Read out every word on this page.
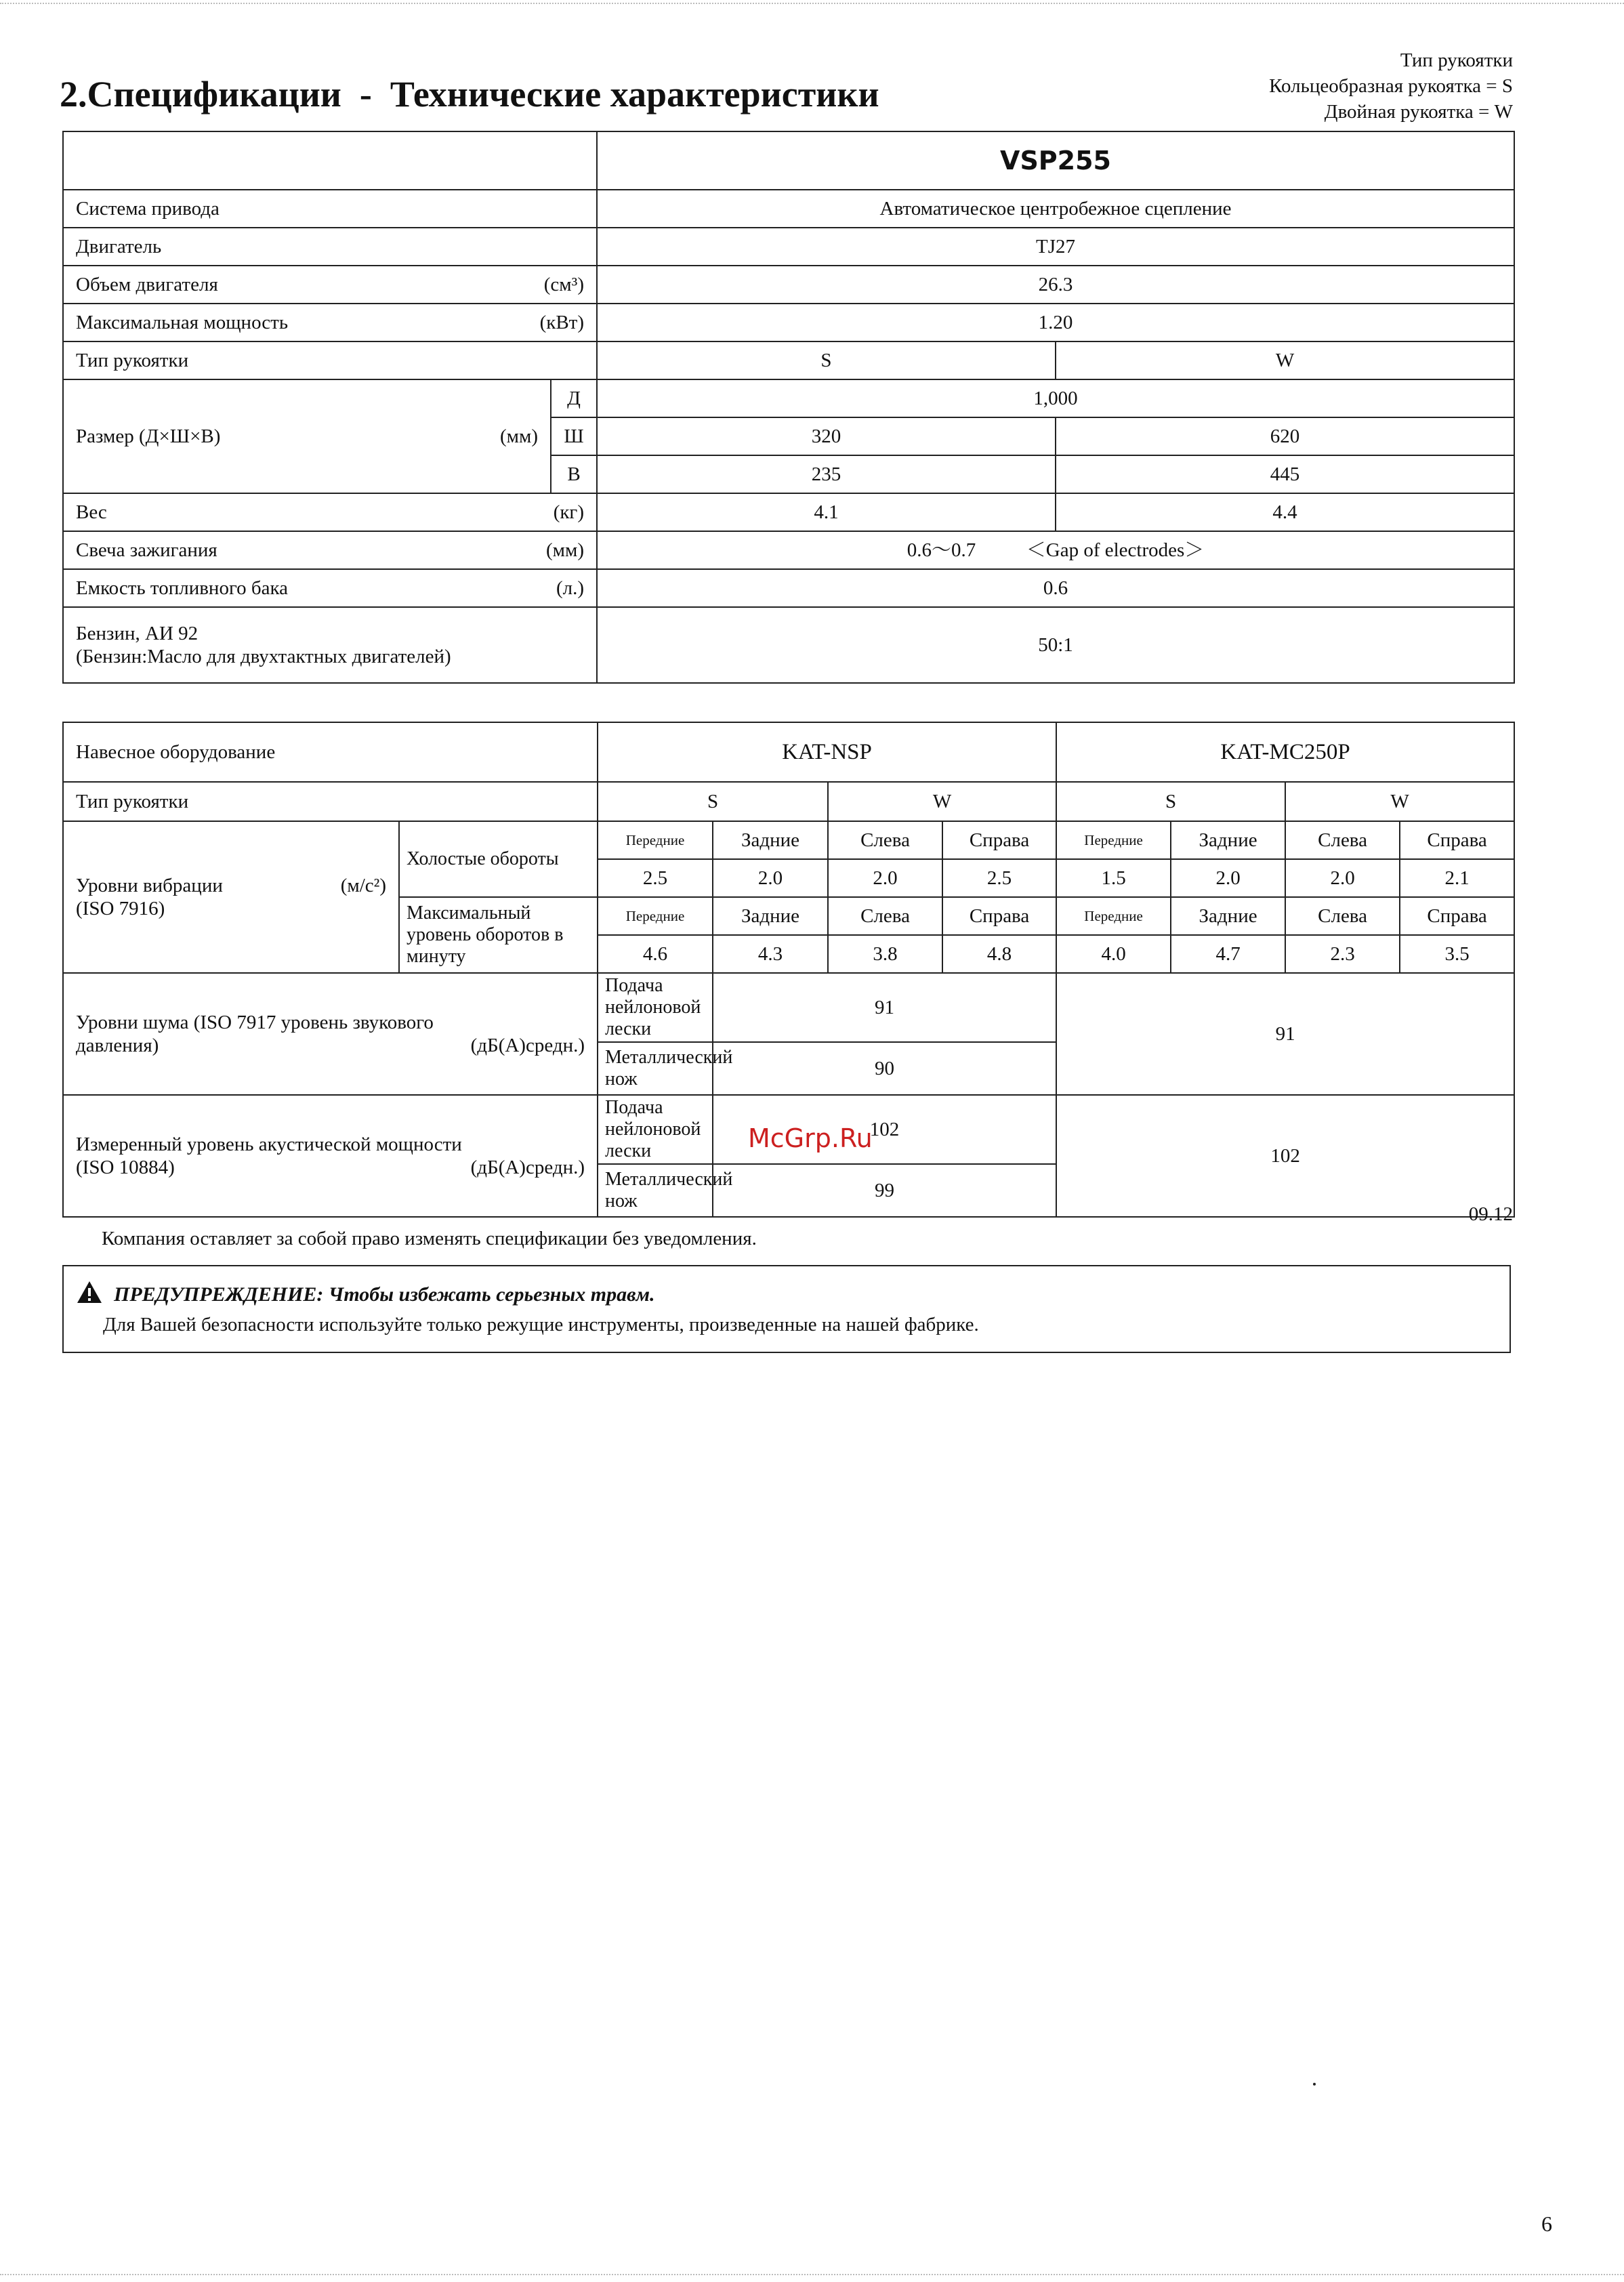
2.Спецификации  -  Технические характеристики
Тип рукоятки
Кольцеобразная рукоятка = S
Двойная рукоятка = W
		VSP255	
Система привода		Автоматическое центробежное сцепление	
Двигатель		TJ27	

Объем двигателя (см³)		26.3	

Максимальная мощность (кВт)		1.20	
Тип рукоятки		S	W

Размер (Д×Ш×В) (мм)	Д	1,000	
	Ш	320	620
	В	235	445

Вес (кг)		4.1	4.4

Свеча зажигания (мм)		0.6～0.7 ＜Gap of electrodes＞	

Емкость топливного бака (л.)		0.6	

Бензин, АИ 92
(Бензин:Масло для двухтактных двигателей)		50:1	
Навесное оборудование		KAT-NSP				KAT-MC250P			
Тип рукоятки		S		W		S		W	

Уровни вибрации (м/с²)
(ISO 7916)	Холостые обороты	Передние	Задние	Слева	Справа	Передние	Задние	Слева	Справа
		2.5	2.0	2.0	2.5	1.5	2.0	2.0	2.1
	Максимальный уровень оборотов в минуту	Передние	Задние	Слева	Справа	Передние	Задние	Слева	Справа
		4.6	4.3	3.8	4.8	4.0	4.7	2.3	3.5

Уровни шума (ISO 7917 уровень звукового
давления) (дБ(А)средн.)		Подача нейлоновой лески	91			91			
		Металлический нож	90						

Измеренный уровень акустической мощности
(ISO 10884) (дБ(А)средн.)		Подача нейлоновой лески	102			102			
		Металлический нож	99						
McGrp.Ru
09.12
Компания оставляет за собой право изменять спецификации без уведомления.
ПРЕДУПРЕЖДЕНИЕ: Чтобы избежать серьезных травм.
Для Вашей безопасности используйте только режущие инструменты, произведенные на нашей фабрике.
6
